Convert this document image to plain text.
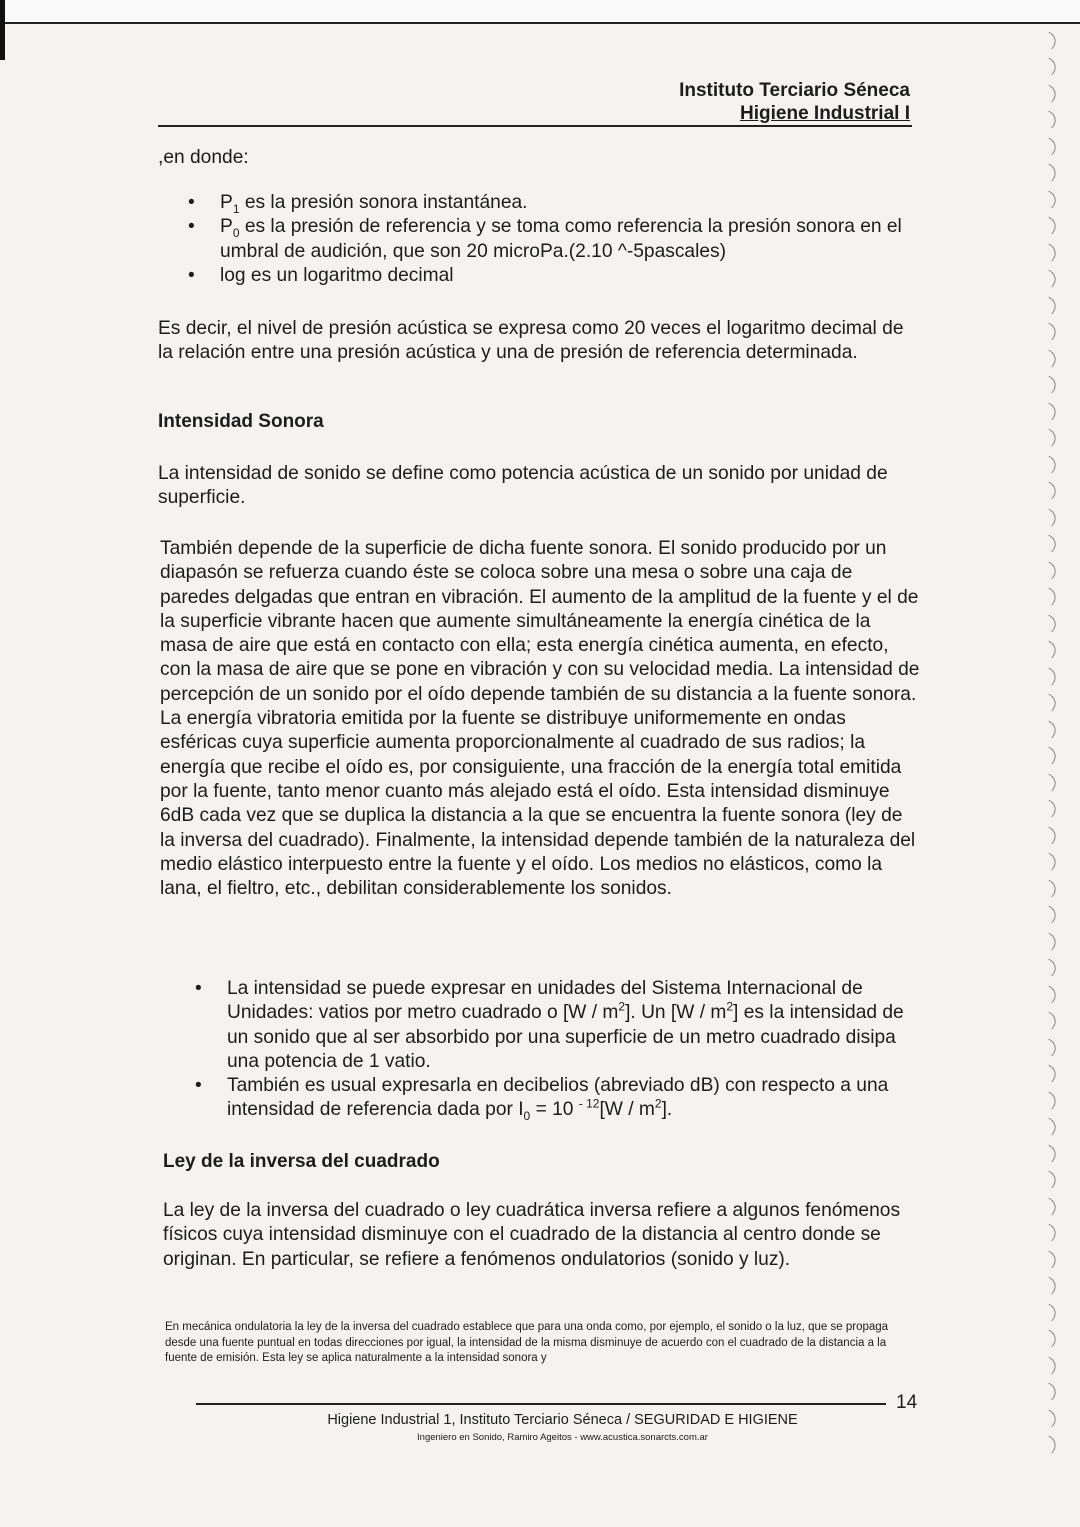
Instituto Terciario Séneca
Higiene Industrial I
,en donde:
• $P_1$ es la presión sonora instantánea.
• $P_0$ es la presión de referencia y se toma como referencia la presión sonora en el umbral de audición, que son 20 microPa.(2.10 ^-5pascales)
• log es un logaritmo decimal
Es decir, el nivel de presión acústica se expresa como 20 veces el logaritmo decimal de la relación entre una presión acústica y una de presión de referencia determinada.
Intensidad Sonora
La intensidad de sonido se define como potencia acústica de un sonido por unidad de superficie.
También depende de la superficie de dicha fuente sonora. El sonido producido por un diapasón se refuerza cuando éste se coloca sobre una mesa o sobre una caja de paredes delgadas que entran en vibración. El aumento de la amplitud de la fuente y el de la superficie vibrante hacen que aumente simultáneamente la energía cinética de la masa de aire que está en contacto con ella; esta energía cinética aumenta, en efecto, con la masa de aire que se pone en vibración y con su velocidad media. La intensidad de percepción de un sonido por el oído depende también de su distancia a la fuente sonora. La energía vibratoria emitida por la fuente se distribuye uniformemente en ondas esféricas cuya superficie aumenta proporcionalmente al cuadrado de sus radios; la energía que recibe el oído es, por consiguiente, una fracción de la energía total emitida por la fuente, tanto menor cuanto más alejado está el oído. Esta intensidad disminuye 6dB cada vez que se duplica la distancia a la que se encuentra la fuente sonora (ley de la inversa del cuadrado). Finalmente, la intensidad depende también de la naturaleza del medio elástico interpuesto entre la fuente y el oído. Los medios no elásticos, como la lana, el fieltro, etc., debilitan considerablemente los sonidos.
• La intensidad se puede expresar en unidades del Sistema Internacional de Unidades: vatios por metro cuadrado o $[W / m^2]$. Un $[W / m^2]$ es la intensidad de un sonido que al ser absorbido por una superficie de un metro cuadrado disipa una potencia de 1 vatio.
• También es usual expresarla en decibelios (abreviado dB) con respecto a una intensidad de referencia dada por $I_0 = 10$ $^{- 12}[W / m^2]$.
Ley de la inversa del cuadrado
La ley de la inversa del cuadrado o ley cuadrática inversa refiere a algunos fenómenos físicos cuya intensidad disminuye con el cuadrado de la distancia al centro donde se originan. En particular, se refiere a fenómenos ondulatorios (sonido y luz).
En mecánica ondulatoria la ley de la inversa del cuadrado establece que para una onda como, por ejemplo, el sonido o la luz, que se propaga desde una fuente puntual en todas direcciones por igual, la intensidad de la misma disminuye de acuerdo con el cuadrado de la distancia a la fuente de emisión. Esta ley se aplica naturalmente a la intensidad sonora y
14
Higiene Industrial 1, Instituto Terciario Séneca / SEGURIDAD E HIGIENE
Ingeniero en Sonido, Ramiro Ageitos - www.acustica.sonarcts.com.ar
